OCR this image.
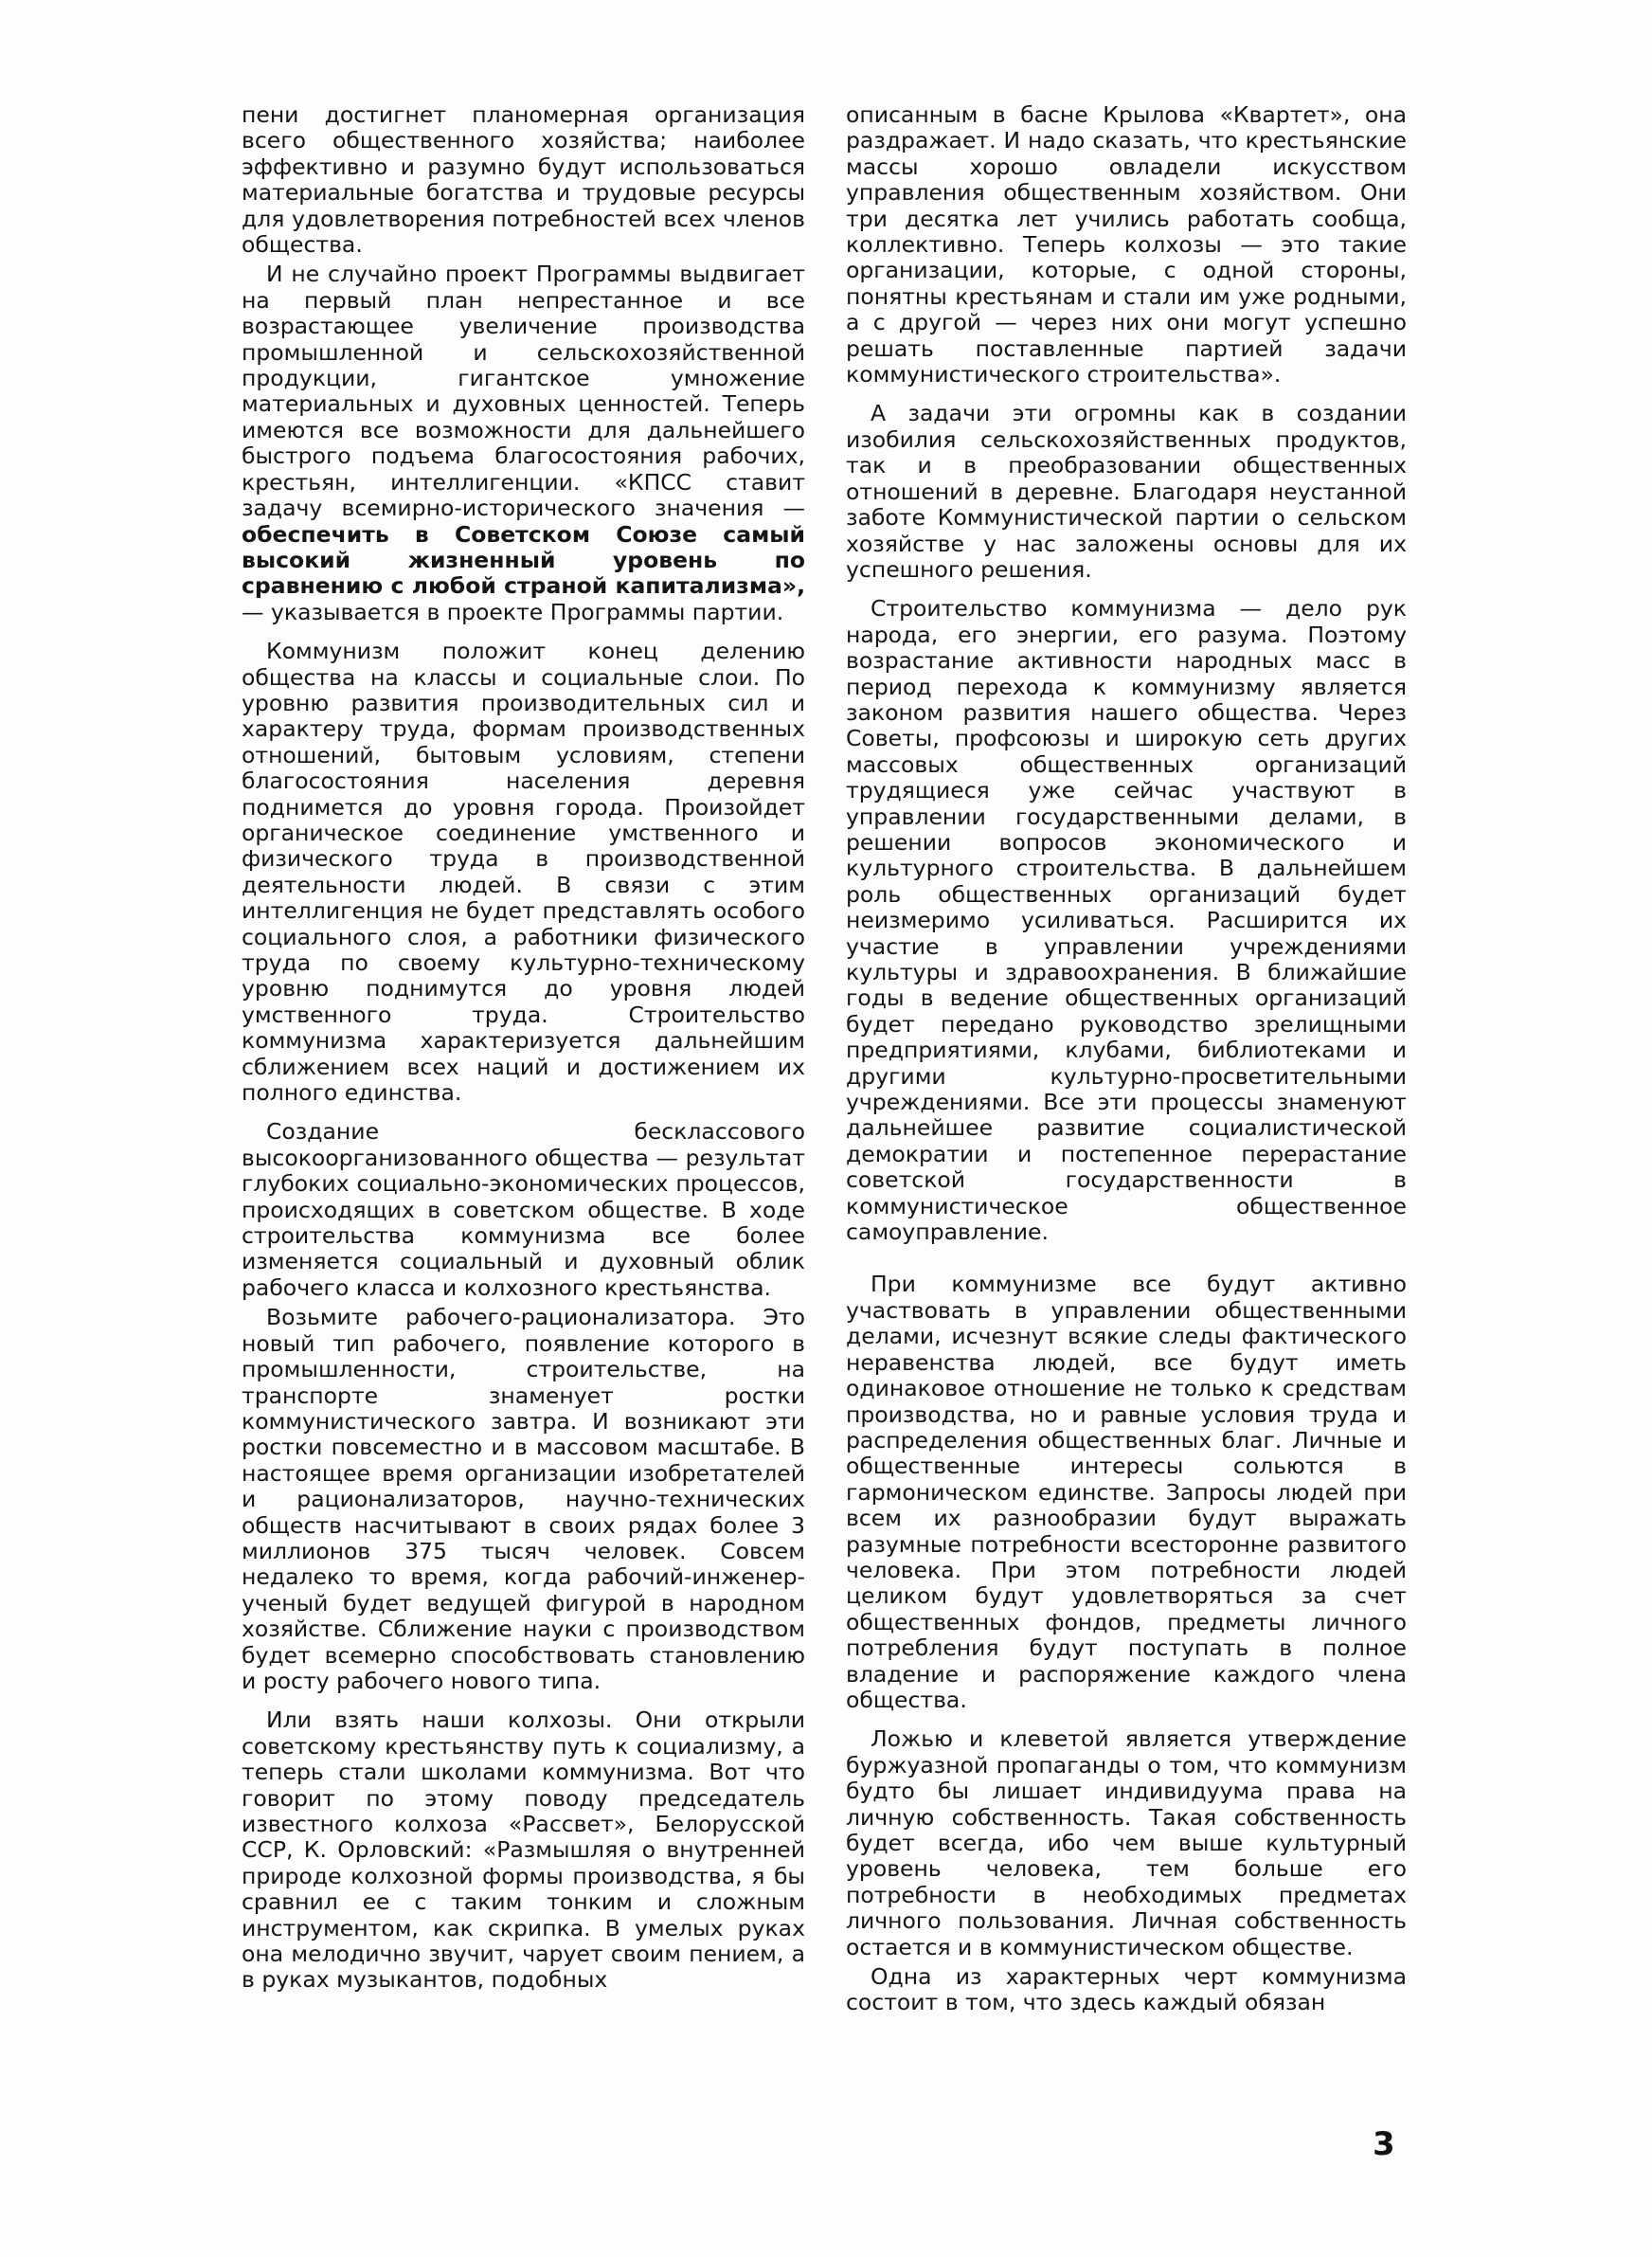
пени достигнет планомерная организация всего общественного хозяйства; наиболее эффективно и разумно будут использоваться материальные богатства и трудовые ресурсы для удовлетворения потребностей всех членов общества.

И не случайно проект Программы выдвигает на первый план непрестанное и все возрастающее увеличение производства промышленной и сельскохозяйственной продукции, гигантское умножение материальных и духовных ценностей. Теперь имеются все возможности для дальнейшего быстрого подъема благосостояния рабочих, крестьян, интеллигенции. «КПСС ставит задачу всемирно-исторического значения — обеспечить в Советском Союзе самый высокий жизненный уровень по сравнению с любой страной капитализма»,— указывается в проекте Программы партии.

Коммунизм положит конец делению общества на классы и социальные слои. По уровню развития производительных сил и характеру труда, формам производственных отношений, бытовым условиям, степени благосостояния населения деревня поднимется до уровня города. Произойдет органическое соединение умственного и физического труда в производственной деятельности людей. В связи с этим интеллигенция не будет представлять особого социального слоя, а работники физического труда по своему культурно-техническому уровню поднимутся до уровня людей умственного труда. Строительство коммунизма характеризуется дальнейшим сближением всех наций и достижением их полного единства.

Создание бесклассового высокоорганизованного общества — результат глубоких социально-экономических процессов, происходящих в советском обществе. В ходе строительства коммунизма все более изменяется социальный и духовный облик рабочего класса и колхозного крестьянства.

Возьмите рабочего-рационализатора. Это новый тип рабочего, появление которого в промышленности, строительстве, на транспорте знаменует ростки коммунистического завтра. И возникают эти ростки повсеместно и в массовом масштабе. В настоящее время организации изобретателей и рационализаторов, научно-технических обществ насчитывают в своих рядах более 3 миллионов 375 тысяч человек. Совсем недалеко то время, когда рабочий-инженер-ученый будет ведущей фигурой в народном хозяйстве. Сближение науки с производством будет всемерно способствовать становлению и росту рабочего нового типа.

Или взять наши колхозы. Они открыли советскому крестьянству путь к социализму, а теперь стали школами коммунизма. Вот что говорит по этому поводу председатель известного колхоза «Рассвет», Белорусской ССР, К. Орловский: «Размышляя о внутренней природе колхозной формы производства, я бы сравнил ее с таким тонким и сложным инструментом, как скрипка. В умелых руках она мелодично звучит, чарует своим пением, а в руках музыкантов, подобных

описанным в басне Крылова «Квартет», она раздражает. И надо сказать, что крестьянские массы хорошо овладели искусством управления общественным хозяйством. Они три десятка лет учились работать сообща, коллективно. Теперь колхозы — это такие организации, которые, с одной стороны, понятны крестьянам и стали им уже родными, а с другой — через них они могут успешно решать поставленные партией задачи коммунистического строительства».

А задачи эти огромны как в создании изобилия сельскохозяйственных продуктов, так и в преобразовании общественных отношений в деревне. Благодаря неустанной заботе Коммунистической партии о сельском хозяйстве у нас заложены основы для их успешного решения.

Строительство коммунизма — дело рук народа, его энергии, его разума. Поэтому возрастание активности народных масс в период перехода к коммунизму является законом развития нашего общества. Через Советы, профсоюзы и широкую сеть других массовых общественных организаций трудящиеся уже сейчас участвуют в управлении государственными делами, в решении вопросов экономического и культурного строительства. В дальнейшем роль общественных организаций будет неизмеримо усиливаться. Расширится их участие в управлении учреждениями культуры и здравоохранения. В ближайшие годы в ведение общественных организаций будет передано руководство зрелищными предприятиями, клубами, библиотеками и другими культурно-просветительными учреждениями. Все эти процессы знаменуют дальнейшее развитие социалистической демократии и постепенное перерастание советской государственности в коммунистическое общественное самоуправление.

При коммунизме все будут активно участвовать в управлении общественными делами, исчезнут всякие следы фактического неравенства людей, все будут иметь одинаковое отношение не только к средствам производства, но и равные условия труда и распределения общественных благ. Личные и общественные интересы сольются в гармоническом единстве. Запросы людей при всем их разнообразии будут выражать разумные потребности всесторонне развитого человека. При этом потребности людей целиком будут удовлетворяться за счет общественных фондов, предметы личного потребления будут поступать в полное владение и распоряжение каждого члена общества.

Ложью и клеветой является утверждение буржуазной пропаганды о том, что коммунизм будто бы лишает индивидуума права на личную собственность. Такая собственность будет всегда, ибо чем выше культурный уровень человека, тем больше его потребности в необходимых предметах личного пользования. Личная собственность остается и в коммунистическом обществе.

Одна из характерных черт коммунизма состоит в том, что здесь каждый обязан

3
